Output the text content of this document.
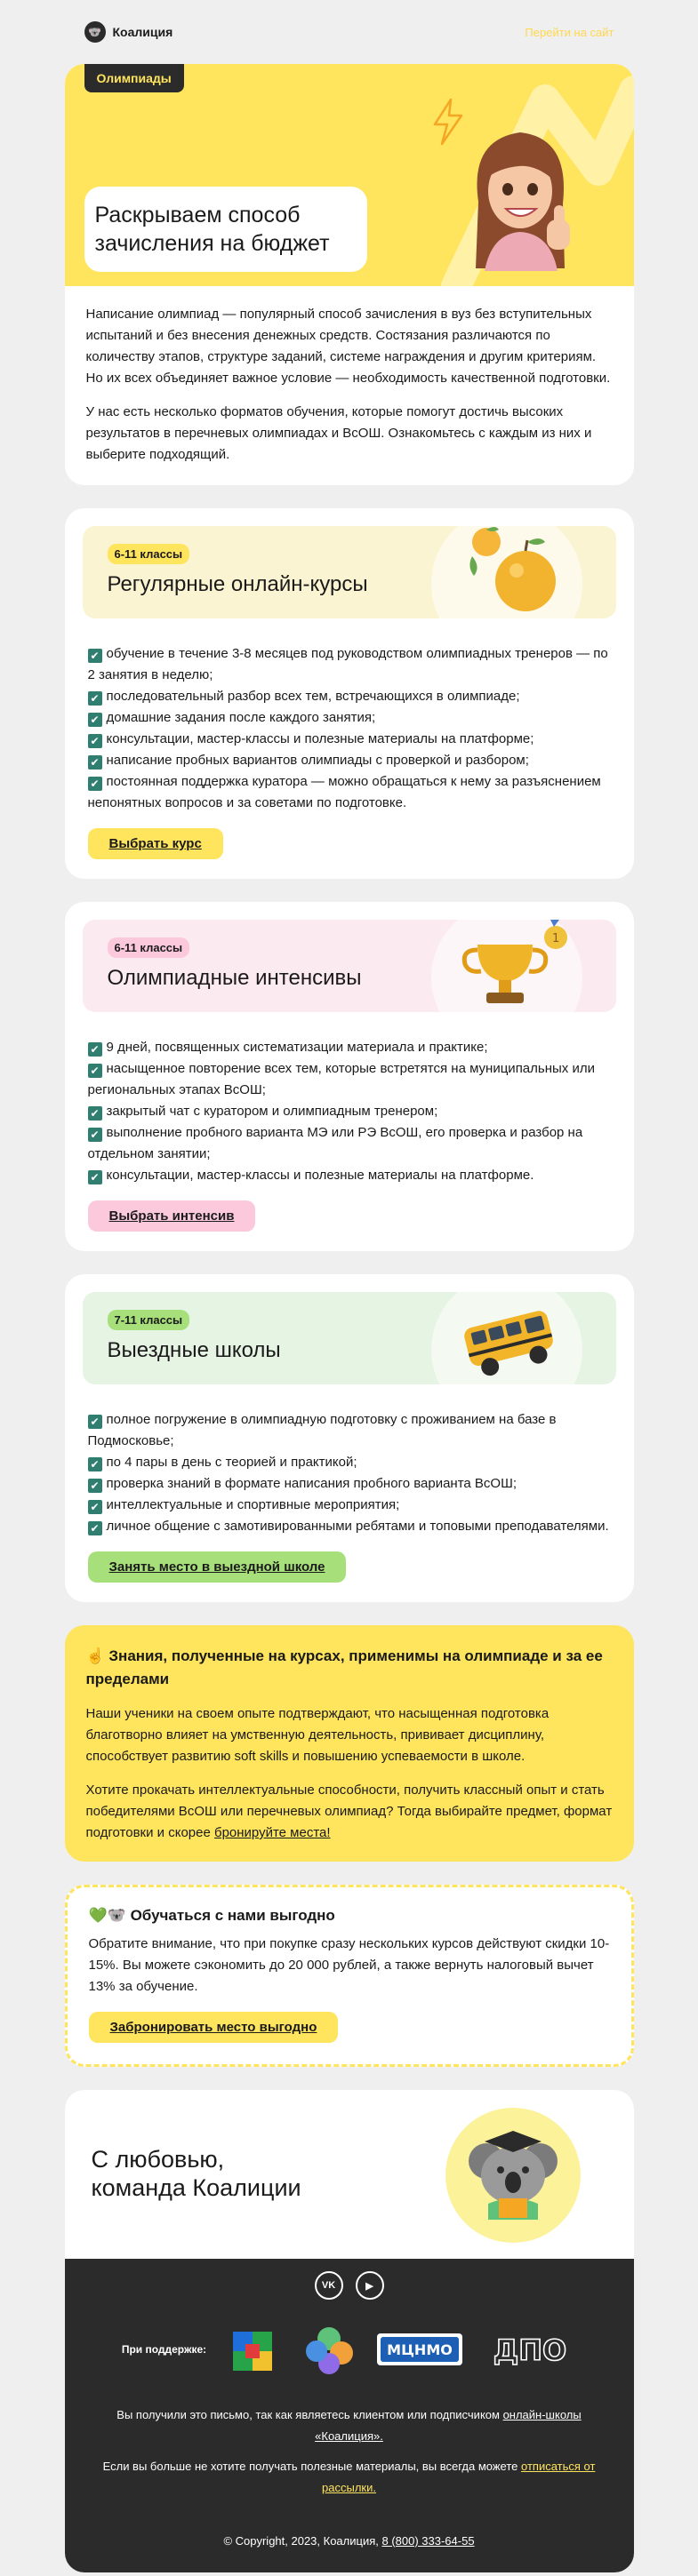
🐨 Коалиция	Перейти на сайт
Олимпиады
Раскрываем способ зачисления на бюджет

Написание олимпиад — популярный способ зачисления в вуз без вступительных испытаний и без внесения денежных средств. Состязания различаются по количеству этапов, структуре заданий, системе награждения и другим критериям. Но их всех объединяет важное условие — необходимость качественной подготовки.

У нас есть несколько форматов обучения, которые помогут достичь высоких результатов в перечневых олимпиадах и ВсОШ. Ознакомьтесь с каждым из них и выберите подходящий.

6-11 классы
Регулярные онлайн-курсы
✔ обучение в течение 3-8 месяцев под руководством олимпиадных тренеров — по 2 занятия в неделю;
✔ последовательный разбор всех тем, встречающихся в олимпиаде;
✔ домашние задания после каждого занятия;
✔ консультации, мастер-классы и полезные материалы на платформе;
✔ написание пробных вариантов олимпиады с проверкой и разбором;
✔ постоянная поддержка куратора — можно обращаться к нему за разъяснением непонятных вопросов и за советами по подготовке.
Выбрать курс
1
6-11 классы
Олимпиадные интенсивы
✔ 9 дней, посвященных систематизации материала и практике;
✔ насыщенное повторение всех тем, которые встретятся на муниципальных или региональных этапах ВсОШ;
✔ закрытый чат с куратором и олимпиадным тренером;
✔ выполнение пробного варианта МЭ или РЭ ВсОШ, его проверка и разбор на отдельном занятии;
✔ консультации, мастер-классы и полезные материалы на платформе.
Выбрать интенсив
7-11 классы
Выездные школы
✔ полное погружение в олимпиадную подготовку с проживанием на базе в Подмосковье;
✔ по 4 пары в день с теорией и практикой;
✔ проверка знаний в формате написания пробного варианта ВсОШ;
✔ интеллектуальные и спортивные мероприятия;
✔ личное общение с замотивированными ребятами и топовыми преподавателями.
Занять место в выездной школе
☝ Знания, полученные на курсах, применимы на олимпиаде и за ее пределами

Наши ученики на своем опыте подтверждают, что насыщенная подготовка благотворно влияет на умственную деятельность, прививает дисциплину, способствует развитию soft skills и повышению успеваемости в школе.

Хотите прокачать интеллектуальные способности, получить классный опыт и стать победителями ВсОШ или перечневых олимпиад? Тогда выбирайте предмет, формат подготовки и скорее бронируйте места!

💚🐨 Обучаться с нами выгодно

Обратите внимание, что при покупке сразу нескольких курсов действуют скидки 10-15%. Вы можете сэкономить до 20 000 рублей, а также вернуть налоговый вычет 13% за обучение.

Забронировать место выгодно
С любовью,
команда Коалиции
VK	▶
При поддержке:	МЦНМО ДПО

Вы получили это письмо, так как являетесь клиентом или подписчиком онлайн-школы «Коалиция».

Если вы больше не хотите получать полезные материалы, вы всегда можете отписаться от рассылки.

© Copyright, 2023, Коалиция, 8 (800) 333-64-55
